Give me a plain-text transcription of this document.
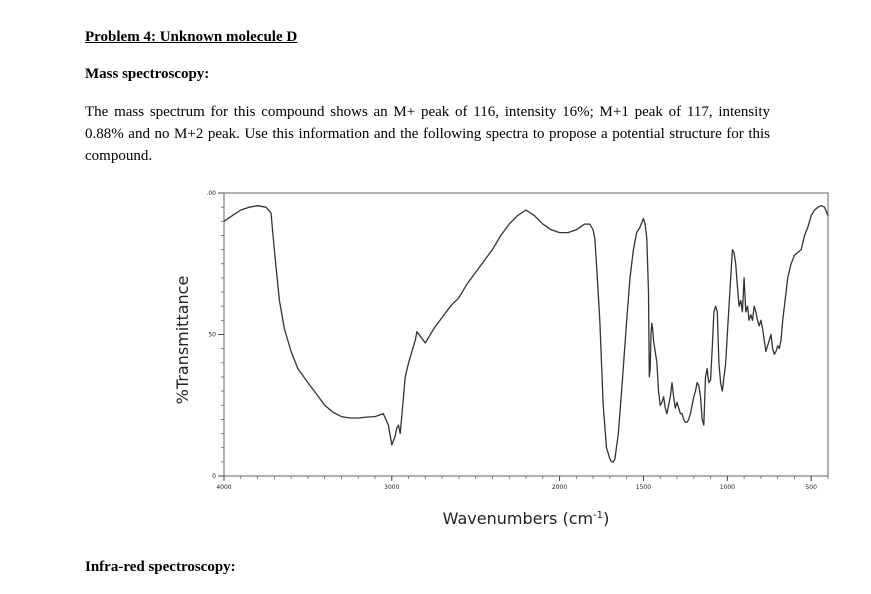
Problem 4: Unknown molecule D

Mass spectroscopy:

The mass spectrum for this compound shows an M+ peak of 116, intensity 16%; M+1 peak of 117, intensity 0.88% and no M+2 peak. Use this information and the following spectra to propose a potential structure for this compound.

4000	3000	2000	1500	1000	500
0
50
.00
%Transmittance
Wavenumbers $(cm^{-1})$

Infra-red spectroscopy:
